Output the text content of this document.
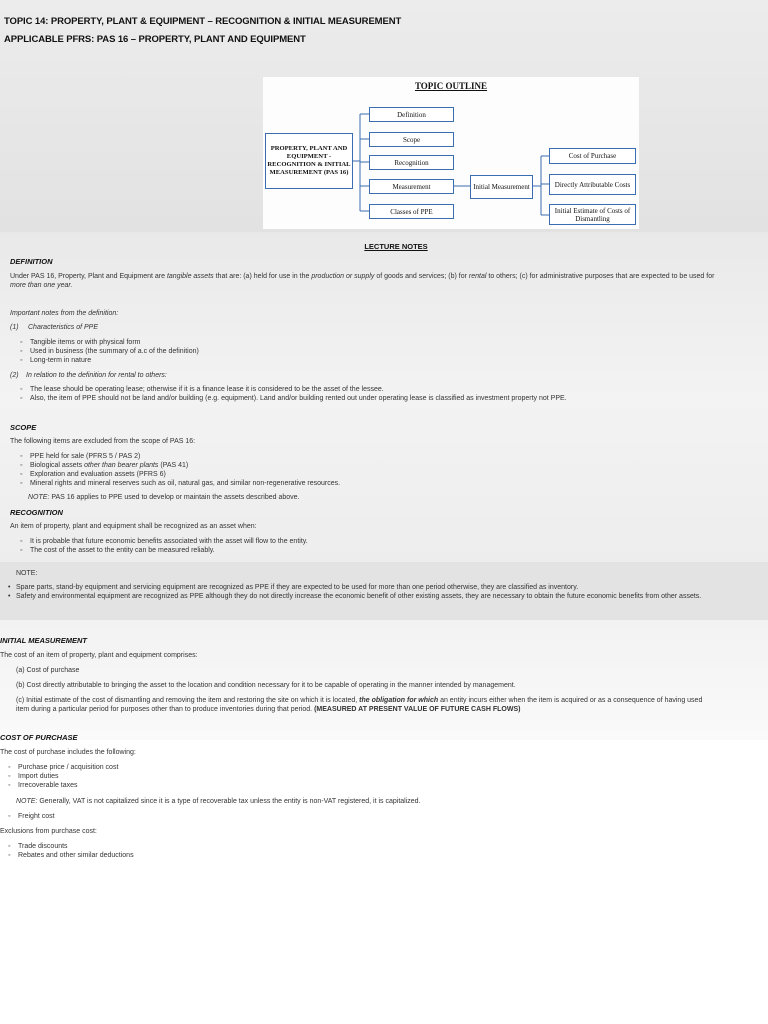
TOPIC 14: PROPERTY, PLANT & EQUIPMENT – RECOGNITION & INITIAL MEASUREMENT
APPLICABLE PFRS: PAS 16 – PROPERTY, PLANT AND EQUIPMENT
TOPIC OUTLINE
PROPERTY, PLANT AND EQUIPMENT - RECOGNITION & INITIAL MEASUREMENT (PAS 16)
Definition
Scope
Recognition
Measurement
Classes of PPE
Initial Measurement
Cost of Purchase
Directly Attributable Costs
Initial Estimate of Costs of Dismantling
LECTURE NOTES
DEFINITION
Under PAS 16, Property, Plant and Equipment are tangible assets that are: (a) held for use in the production or supply of goods and services; (b) for rental to others; (c) for administrative purposes that are expected to be used for
more than one year.
Important notes from the definition:
(1) Characteristics of PPE
◦ Tangible items or with physical form
◦ Used in business (the summary of a.c of the definition)
◦ Long-term in nature
(2) In relation to the definition for rental to others:
◦ The lease should be operating lease; otherwise if it is a finance lease it is considered to be the asset of the lessee.
◦ Also, the item of PPE should not be land and/or building (e.g. equipment). Land and/or building rented out under operating lease is classified as investment property not PPE.
SCOPE
The following items are excluded from the scope of PAS 16:
◦ PPE held for sale (PFRS 5 / PAS 2)
◦ Biological assets other than bearer plants (PAS 41)
◦ Exploration and evaluation assets (PFRS 6)
◦ Mineral rights and mineral reserves such as oil, natural gas, and similar non-regenerative resources.
NOTE: PAS 16 applies to PPE used to develop or maintain the assets described above.
RECOGNITION
An item of property, plant and equipment shall be recognized as an asset when:
◦ It is probable that future economic benefits associated with the asset will flow to the entity.
◦ The cost of the asset to the entity can be measured reliably.
NOTE:
• Spare parts, stand-by equipment and servicing equipment are recognized as PPE if they are expected to be used for more than one period otherwise, they are classified as inventory.
• Safety and environmental equipment are recognized as PPE although they do not directly increase the economic benefit of other existing assets, they are necessary to obtain the future economic benefits from other assets.
INITIAL MEASUREMENT
The cost of an item of property, plant and equipment comprises:
(a) Cost of purchase
(b) Cost directly attributable to bringing the asset to the location and condition necessary for it to be capable of operating in the manner intended by management.
(c) Initial estimate of the cost of dismantling and removing the item and restoring the site on which it is located, the obligation for which an entity incurs either when the item is acquired or as a consequence of having used
item during a particular period for purposes other than to produce inventories during that period. (MEASURED AT PRESENT VALUE OF FUTURE CASH FLOWS)
COST OF PURCHASE
The cost of purchase includes the following:
◦ Purchase price / acquisition cost
◦ Import duties
◦ Irrecoverable taxes
NOTE: Generally, VAT is not capitalized since it is a type of recoverable tax unless the entity is non-VAT registered, it is capitalized.
◦ Freight cost
Exclusions from purchase cost:
◦ Trade discounts
◦ Rebates and other similar deductions
